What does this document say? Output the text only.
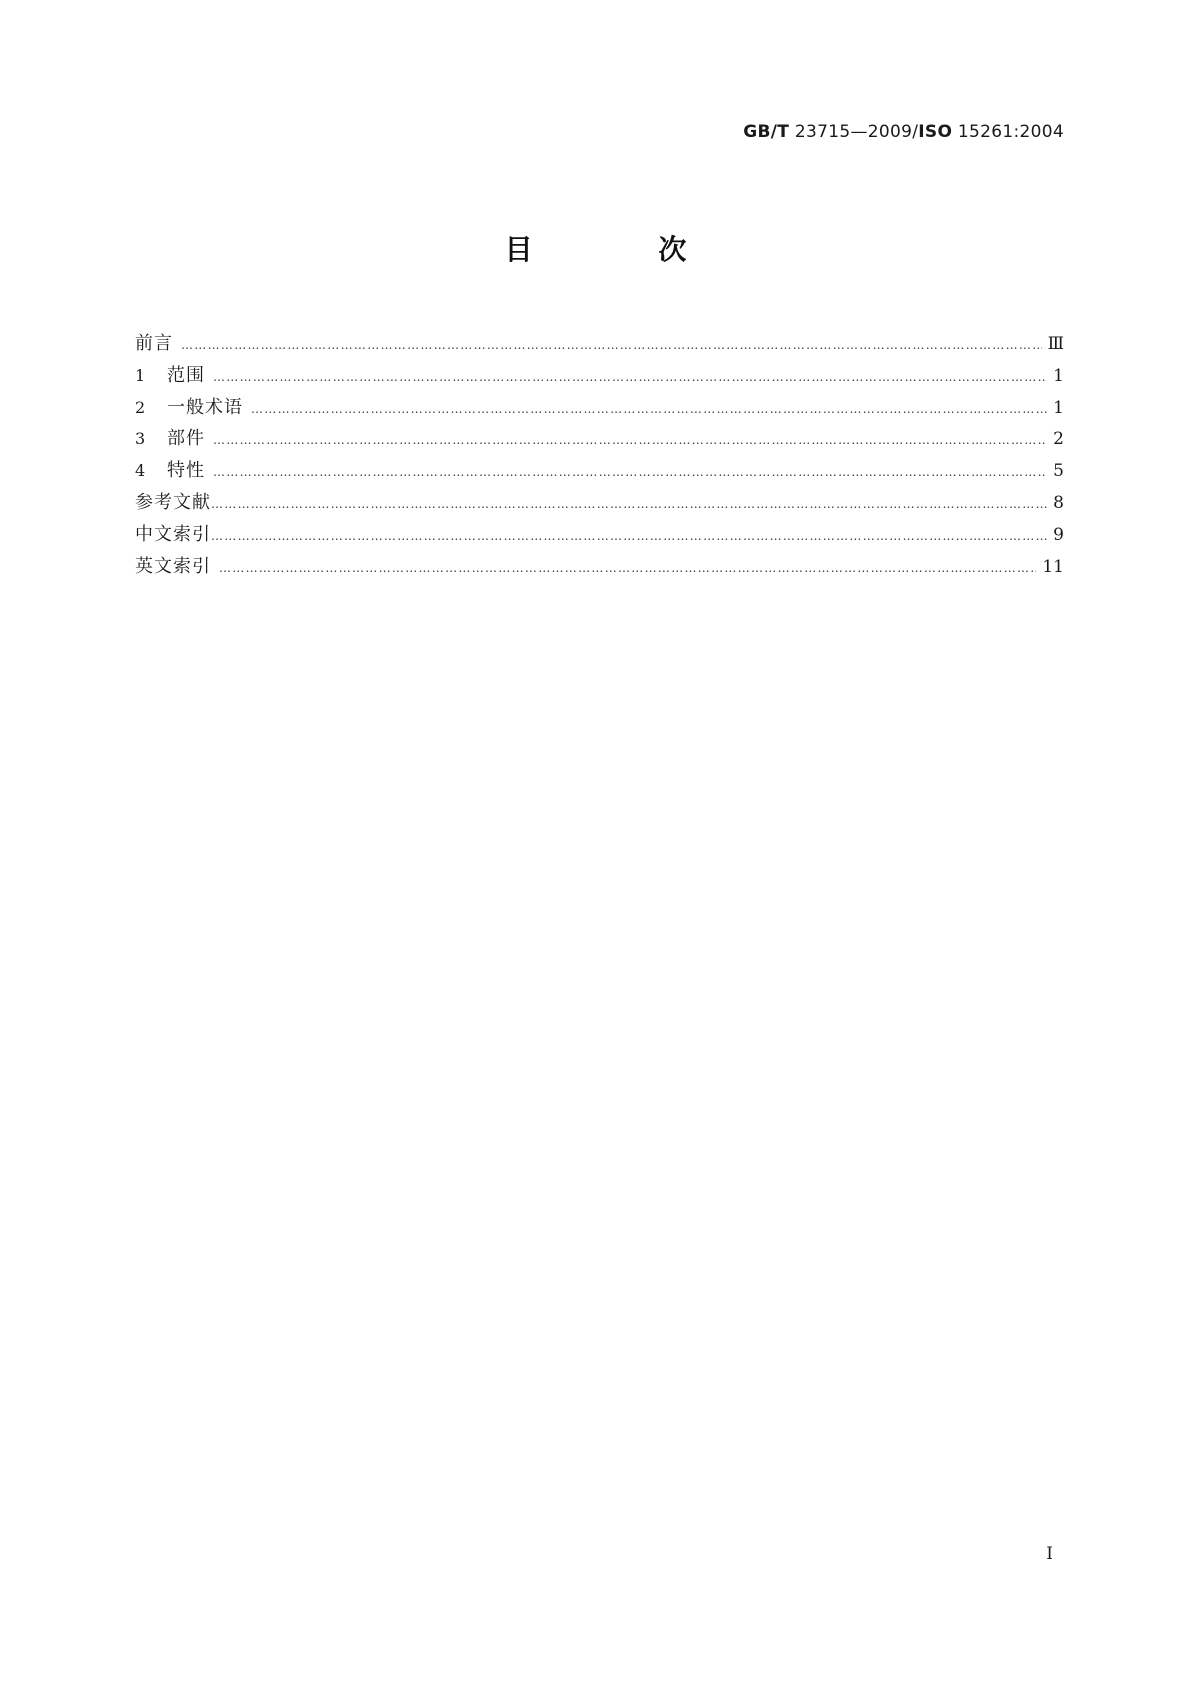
GB/T 23715—2009/ISO 15261:2004
目 次
前言 ……………………………………………………………………………………………………………………………………………………………………………………………………………………………………	Ⅲ
1	范围 ……………………………………………………………………………………………………………………………………………………………………………………………………………………………………	1
2	一般术语 ……………………………………………………………………………………………………………………………………………………………………………………………………………………………………	1
3	部件 ……………………………………………………………………………………………………………………………………………………………………………………………………………………………………	2
4	特性 ……………………………………………………………………………………………………………………………………………………………………………………………………………………………………	5
参考文献 ……………………………………………………………………………………………………………………………………………………………………………………………………………………………………	8
中文索引 ……………………………………………………………………………………………………………………………………………………………………………………………………………………………………	9
英文索引 ……………………………………………………………………………………………………………………………………………………………………………………………………………………………………	11
I
